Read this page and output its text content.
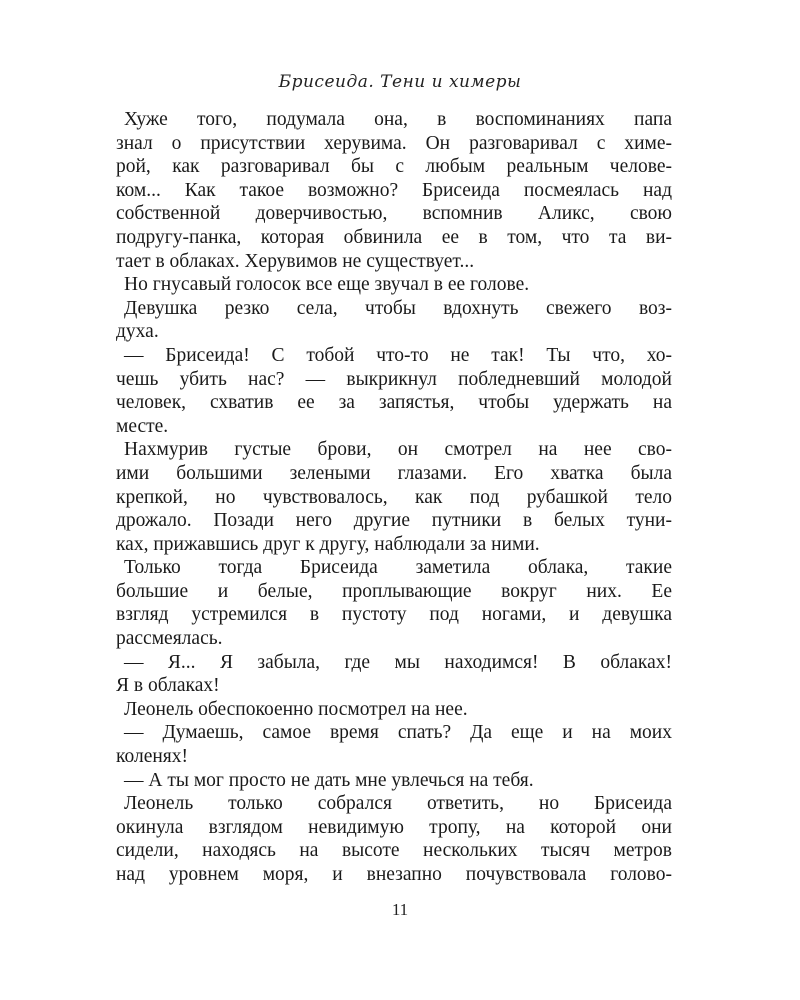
Брисеида. Тени и химеры
Хуже того, подумала она, в воспоминаниях папа
знал о присутствии херувима. Он разговаривал с химе-
рой, как разговаривал бы с любым реальным челове-
ком... Как такое возможно? Брисеида посмеялась над
собственной доверчивостью, вспомнив Аликс, свою
подругу-панка, которая обвинила ее в том, что та ви-
тает в облаках. Херувимов не существует...
Но гнусавый голосок все еще звучал в ее голове.
Девушка резко села, чтобы вдохнуть свежего воз-
духа.
— Брисеида! С тобой что-то не так! Ты что, хо-
чешь убить нас? — выкрикнул побледневший молодой
человек, схватив ее за запястья, чтобы удержать на
месте.
Нахмурив густые брови, он смотрел на нее сво-
ими большими зелеными глазами. Его хватка была
крепкой, но чувствовалось, как под рубашкой тело
дрожало. Позади него другие путники в белых туни-
ках, прижавшись друг к другу, наблюдали за ними.
Только тогда Брисеида заметила облака, такие
большие и белые, проплывающие вокруг них. Ее
взгляд устремился в пустоту под ногами, и девушка
рассмеялась.
— Я... Я забыла, где мы находимся! В облаках!
Я в облаках!
Леонель обеспокоенно посмотрел на нее.
— Думаешь, самое время спать? Да еще и на моих
коленях!
— А ты мог просто не дать мне увлечься на тебя.
Леонель только собрался ответить, но Брисеида
окинула взглядом невидимую тропу, на которой они
сидели, находясь на высоте нескольких тысяч метров
над уровнем моря, и внезапно почувствовала голово-
11
